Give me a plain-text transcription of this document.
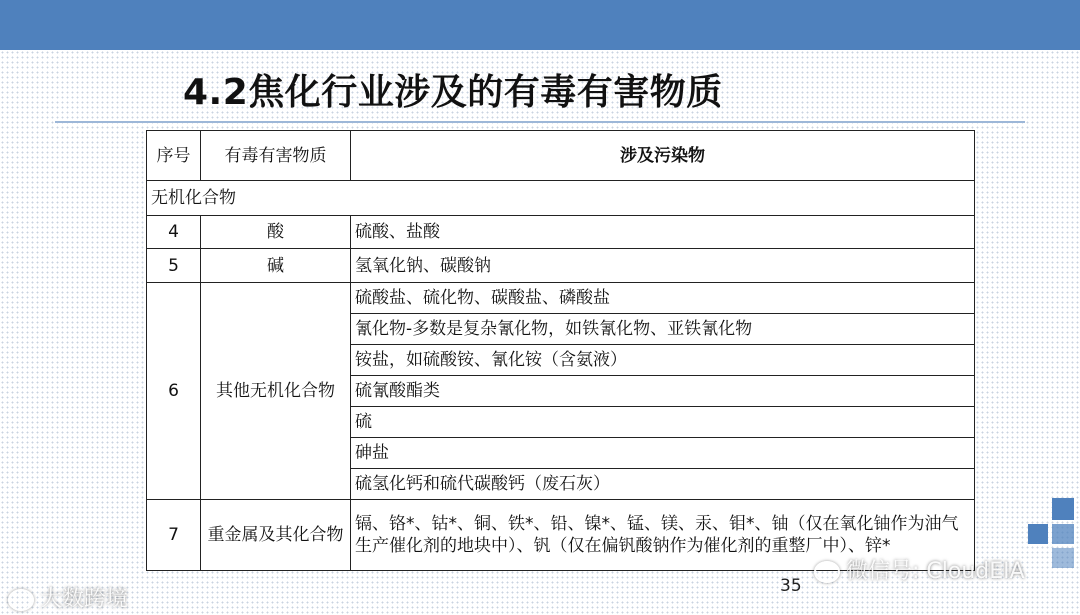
4.2焦化行业涉及的有毒有害物质
序号	有毒有害物质	涉及污染物
无机化合物		
4	酸	硫酸、盐酸
5	碱	氢氧化钠、碳酸钠
6	其他无机化合物	硫酸盐、硫化物、碳酸盐、磷酸盐
		氰化物-多数是复杂氰化物，如铁氰化物、亚铁氰化物
		铵盐，如硫酸铵、氰化铵（含氨液）
		硫氰酸酯类
		硫
		砷盐
		硫氢化钙和硫代碳酸钙（废石灰）
7	重金属及其化合物	镉、铬*、钴*、铜、铁*、铅、镍*、锰、镁、汞、钼*、铀（仅在氧化铀作为油气生产催化剂的地块中）、钒（仅在偏钒酸钠作为催化剂的重整厂中）、锌*
35
大数跨境
微信号: CloudEIA
